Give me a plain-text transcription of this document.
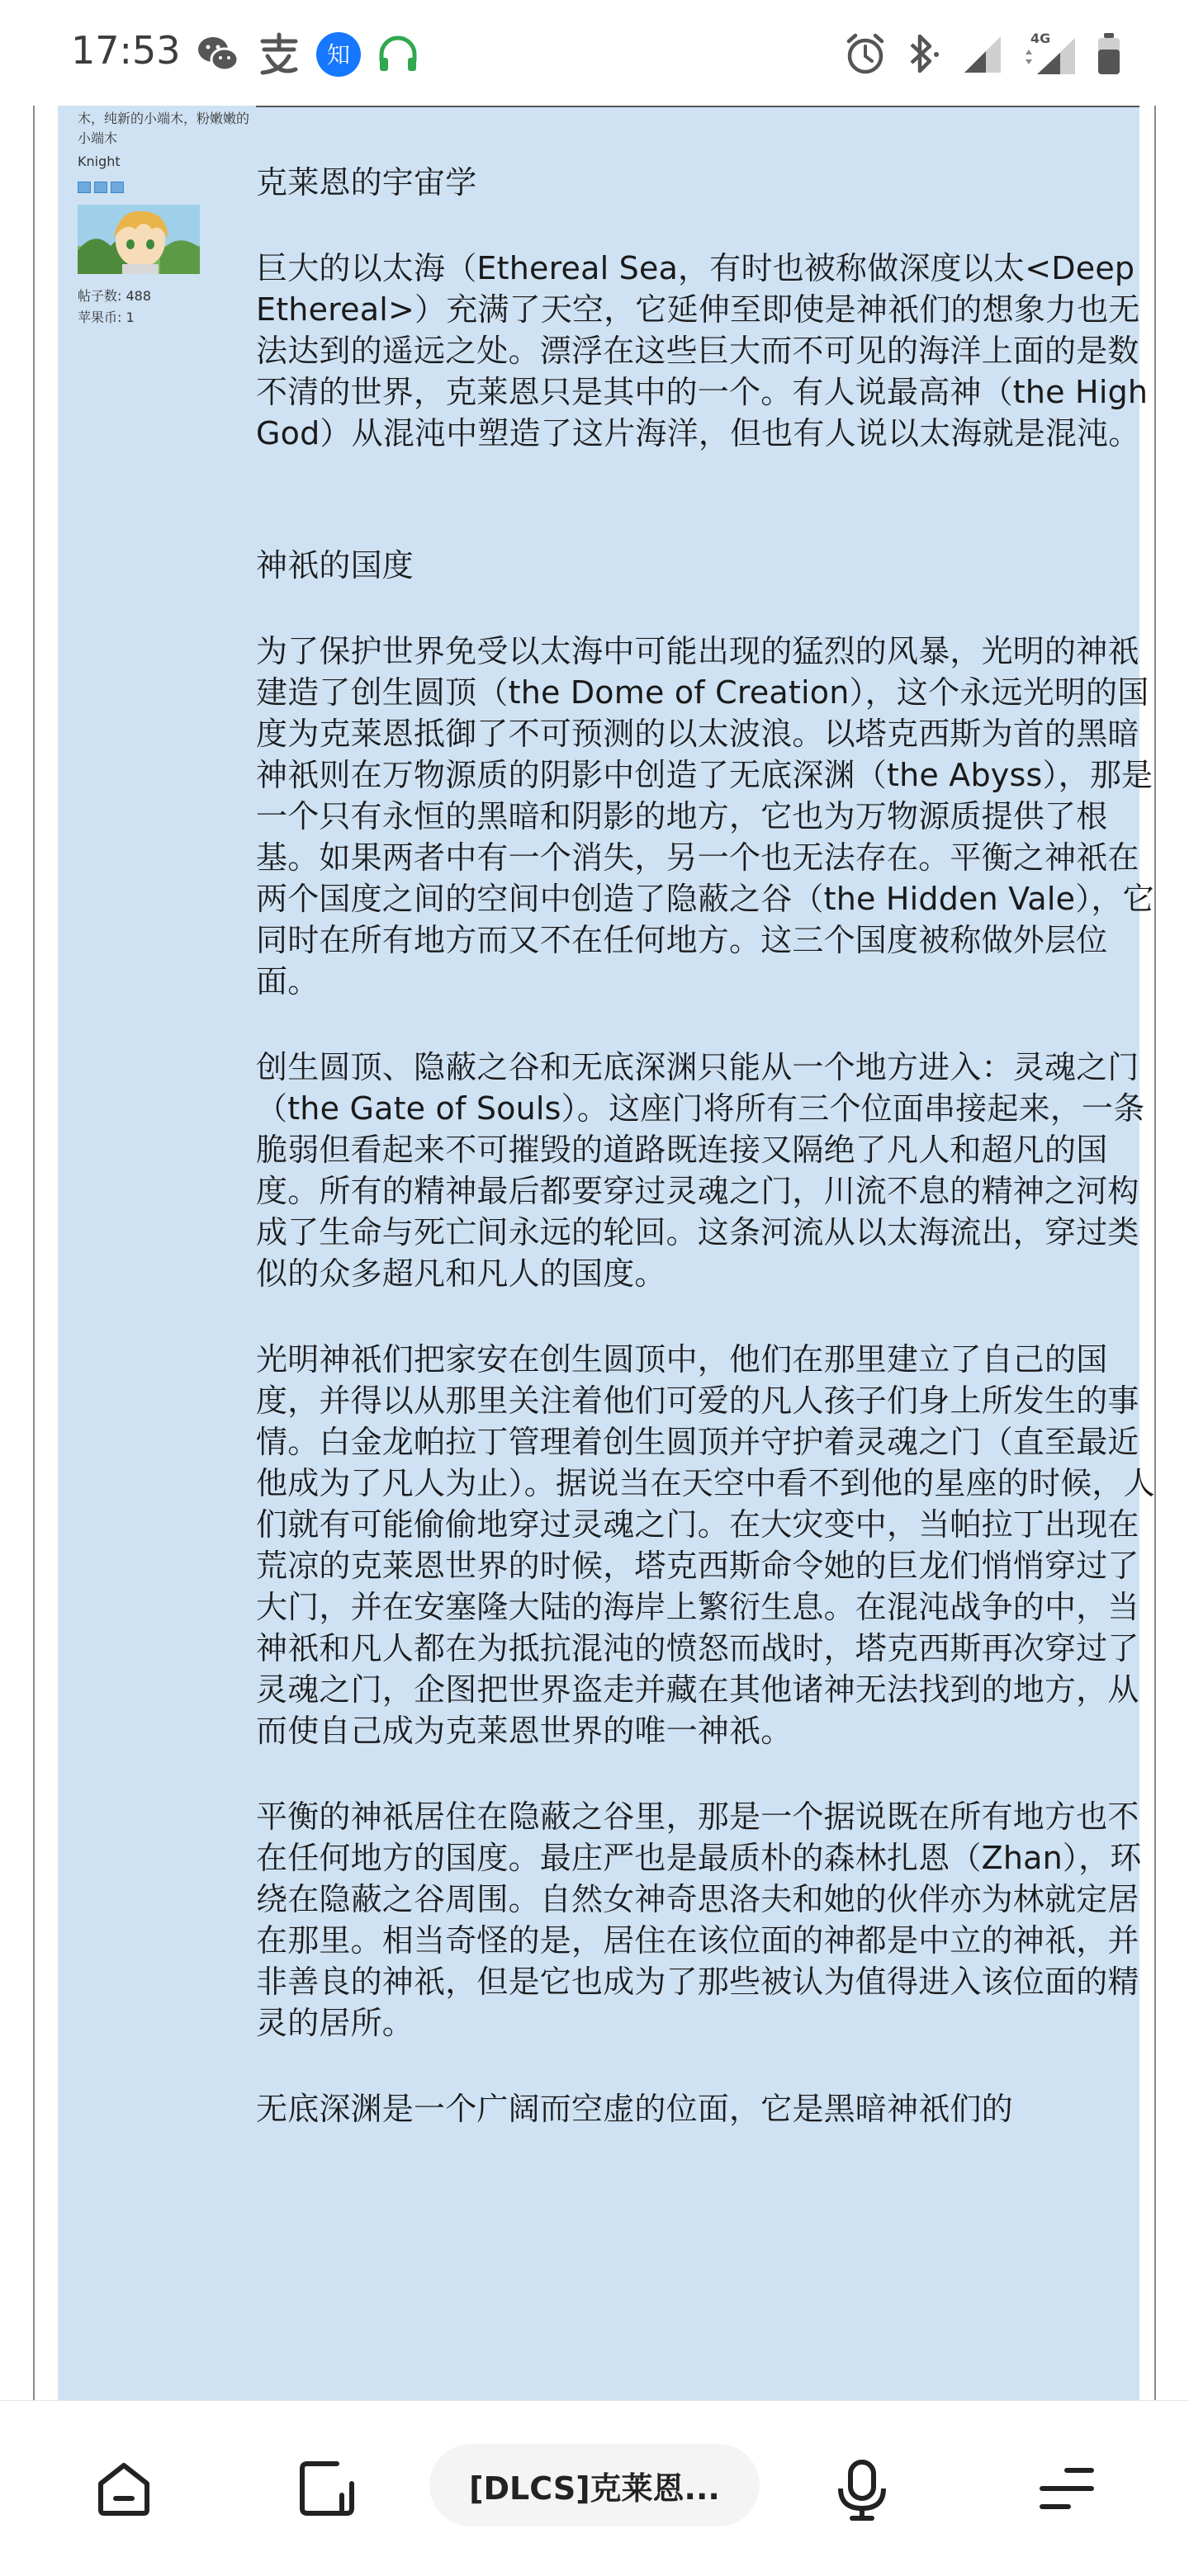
17:53	知
4G
木，纯新的小端木，粉嫩嫩的小端木
Knight
帖子数: 488
苹果币: 1

克莱恩的宇宙学

巨大的以太海（Ethereal Sea，有时也被称做深度以太<Deep Ethereal>）充满了天空，它延伸至即使是神祇们的想象力也无法达到的遥远之处。漂浮在这些巨大而不可见的海洋上面的是数不清的世界，克莱恩只是其中的一个。有人说最高神（the High God）从混沌中塑造了这片海洋，但也有人说以太海就是混沌。

神祇的国度

为了保护世界免受以太海中可能出现的猛烈的风暴，光明的神祇建造了创生圆顶（the Dome of Creation），这个永远光明的国度为克莱恩抵御了不可预测的以太波浪。以塔克西斯为首的黑暗神祇则在万物源质的阴影中创造了无底深渊（the Abyss），那是一个只有永恒的黑暗和阴影的地方，它也为万物源质提供了根基。如果两者中有一个消失，另一个也无法存在。平衡之神祇在两个国度之间的空间中创造了隐蔽之谷（the Hidden Vale），它同时在所有地方而又不在任何地方。这三个国度被称做外层位面。

创生圆顶、隐蔽之谷和无底深渊只能从一个地方进入：灵魂之门（the Gate of Souls）。这座门将所有三个位面串接起来，一条脆弱但看起来不可摧毁的道路既连接又隔绝了凡人和超凡的国度。所有的精神最后都要穿过灵魂之门，川流不息的精神之河构成了生命与死亡间永远的轮回。这条河流从以太海流出，穿过类似的众多超凡和凡人的国度。

光明神祇们把家安在创生圆顶中，他们在那里建立了自己的国度，并得以从那里关注着他们可爱的凡人孩子们身上所发生的事情。白金龙帕拉丁管理着创生圆顶并守护着灵魂之门（直至最近他成为了凡人为止）。据说当在天空中看不到他的星座的时候，人们就有可能偷偷地穿过灵魂之门。在大灾变中，当帕拉丁出现在荒凉的克莱恩世界的时候，塔克西斯命令她的巨龙们悄悄穿过了大门，并在安塞隆大陆的海岸上繁衍生息。在混沌战争的中，当神祇和凡人都在为抵抗混沌的愤怒而战时，塔克西斯再次穿过了灵魂之门，企图把世界盗走并藏在其他诸神无法找到的地方，从而使自己成为克莱恩世界的唯一神祇。

平衡的神祇居住在隐蔽之谷里，那是一个据说既在所有地方也不在任何地方的国度。最庄严也是最质朴的森林扎恩（Zhan），环绕在隐蔽之谷周围。自然女神奇思洛夫和她的伙伴亦为林就定居在那里。相当奇怪的是，居住在该位面的神都是中立的神祇，并非善良的神祇，但是它也成为了那些被认为值得进入该位面的精灵的居所。

无底深渊是一个广阔而空虚的位面，它是黑暗神祇们的

[DLCS]克莱恩...
